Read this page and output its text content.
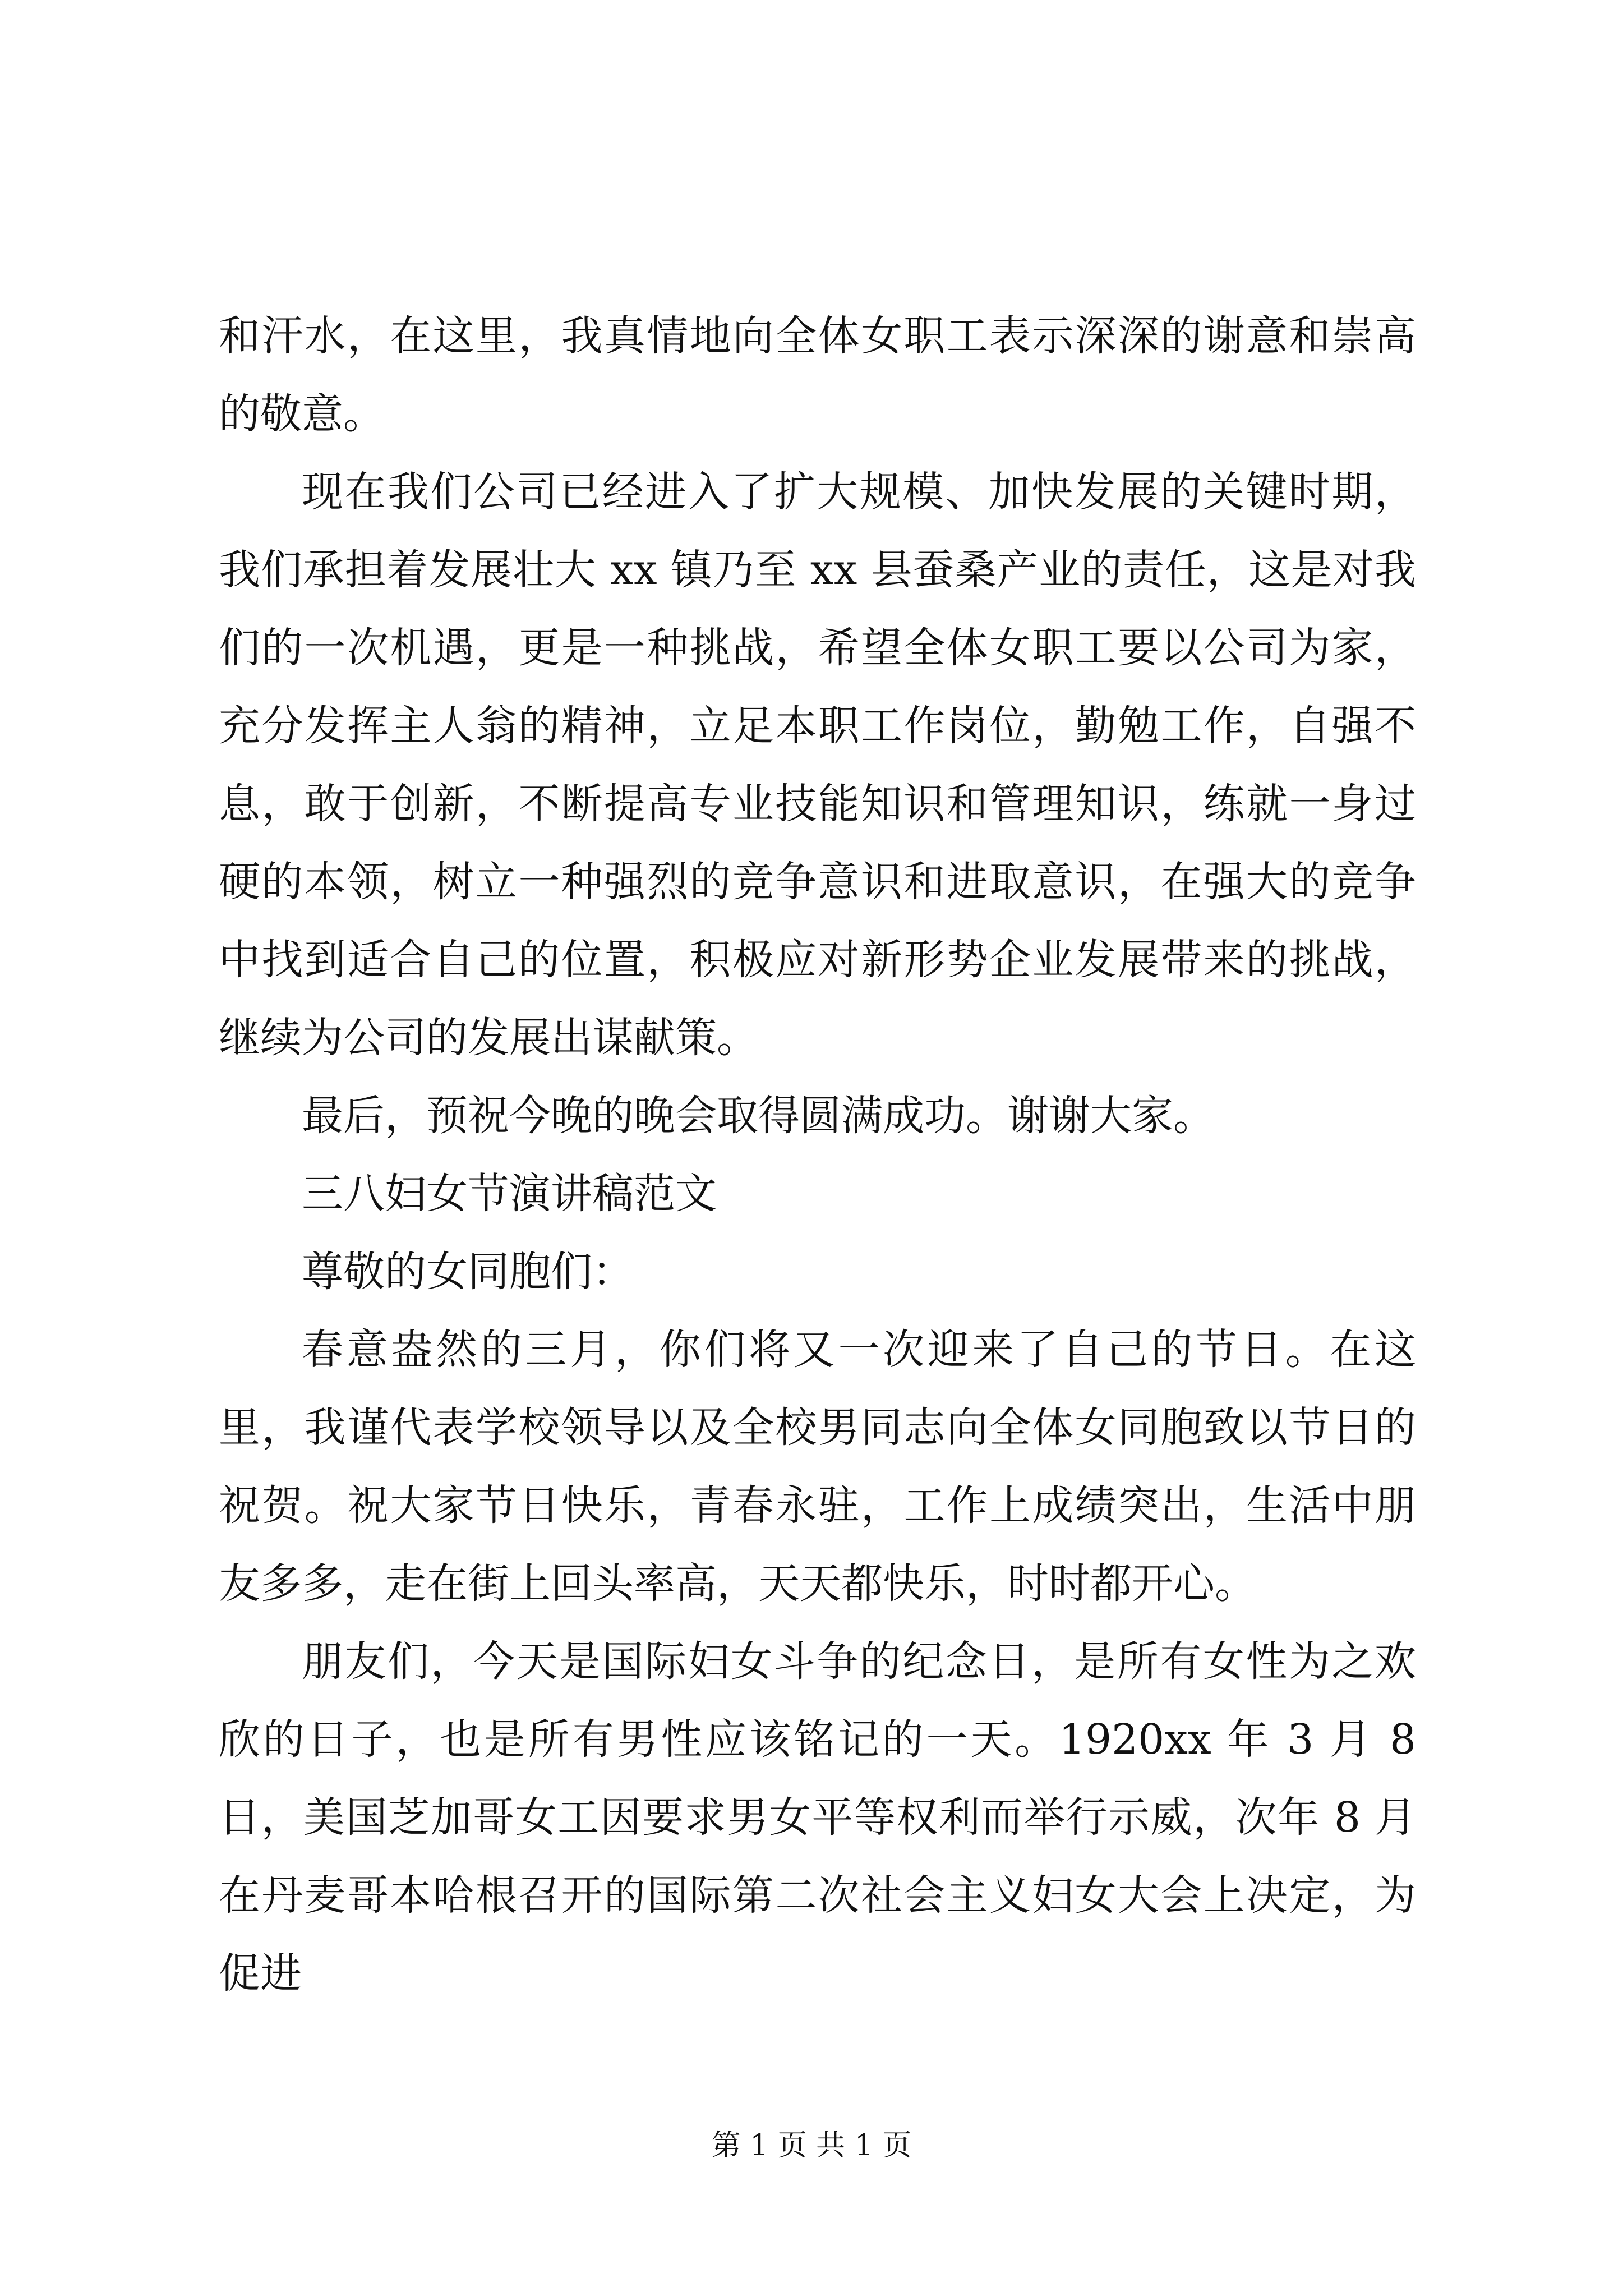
和汗水，在这里，我真情地向全体女职工表示深深的谢意和崇高的敬意。

现在我们公司已经进入了扩大规模、加快发展的关键时期，我们承担着发展壮大 xx 镇乃至 xx 县蚕桑产业的责任，这是对我们的一次机遇，更是一种挑战，希望全体女职工要以公司为家，充分发挥主人翁的精神，立足本职工作岗位，勤勉工作，自强不息，敢于创新，不断提高专业技能知识和管理知识，练就一身过硬的本领，树立一种强烈的竞争意识和进取意识，在强大的竞争中找到适合自己的位置，积极应对新形势企业发展带来的挑战，继续为公司的发展出谋献策。

最后，预祝今晚的晚会取得圆满成功。谢谢大家。

三八妇女节演讲稿范文

尊敬的女同胞们：

春意盎然的三月，你们将又一次迎来了自己的节日。在这里，我谨代表学校领导以及全校男同志向全体女同胞致以节日的祝贺。祝大家节日快乐，青春永驻，工作上成绩突出，生活中朋友多多，走在街上回头率高，天天都快乐，时时都开心。

朋友们，今天是国际妇女斗争的纪念日，是所有女性为之欢欣的日子，也是所有男性应该铭记的一天。1920xx 年 3 月 8 日，美国芝加哥女工因要求男女平等权利而举行示威，次年 8 月在丹麦哥本哈根召开的国际第二次社会主义妇女大会上决定，为促进

第 1 页 共 1 页
